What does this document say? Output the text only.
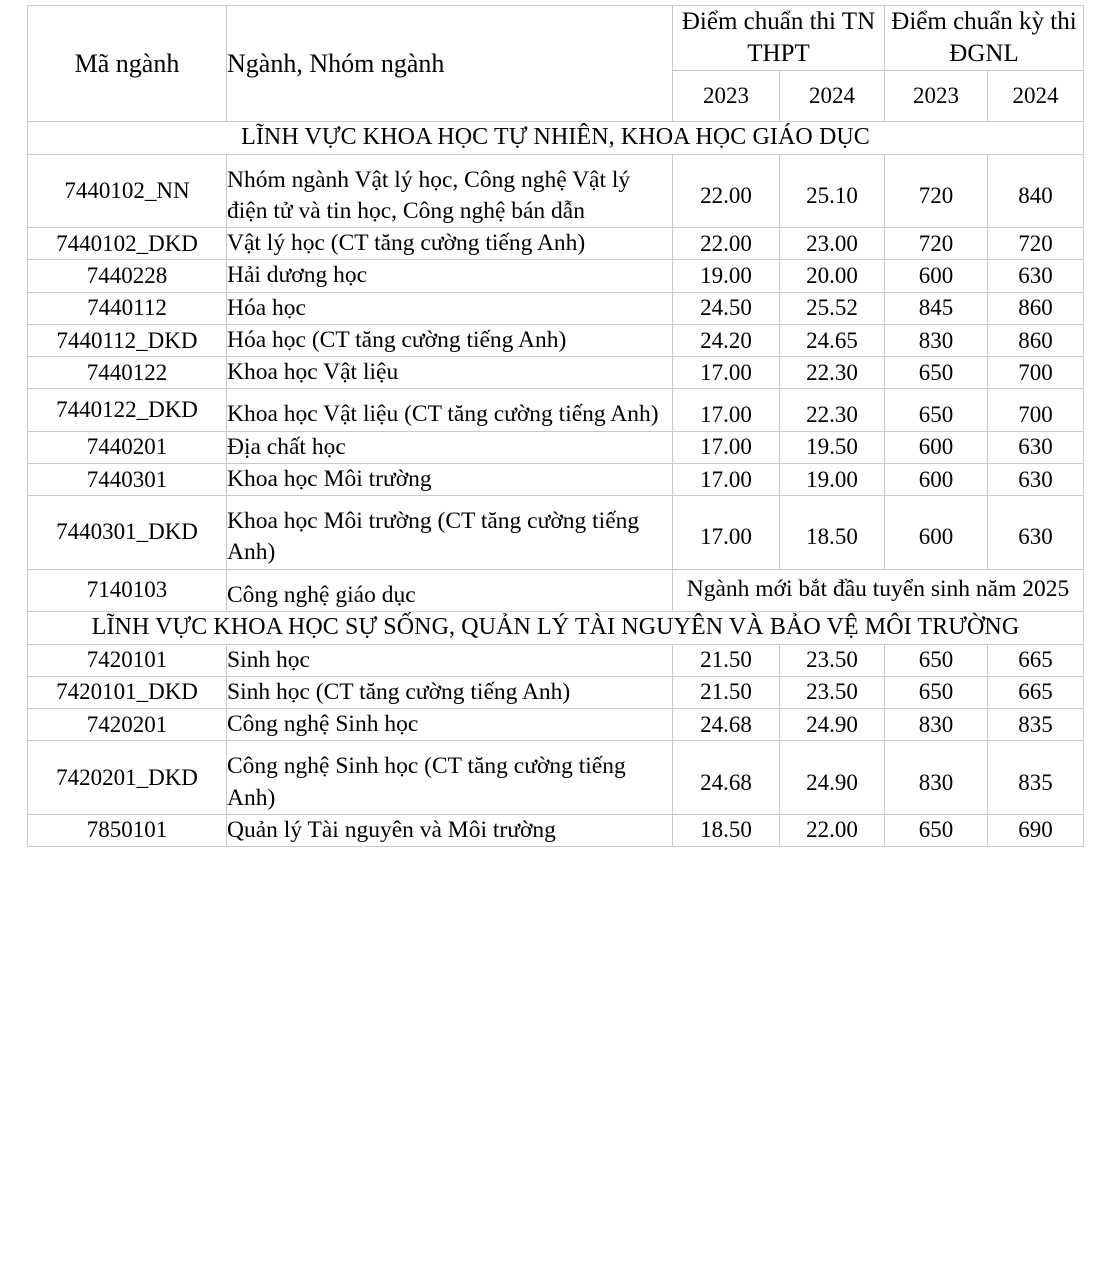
Mã ngành	Ngành, Nhóm ngành	Điểm chuẩn thi TN THPT		Điểm chuẩn kỳ thi ĐGNL	
		2023	2024	2023	2024
LĨNH VỰC KHOA HỌC TỰ NHIÊN, KHOA HỌC GIÁO DỤC					
7440102_NN	Nhóm ngành Vật lý học, Công nghệ Vật lý điện tử và tin học, Công nghệ bán dẫn	22.00	25.10	720	840
7440102_DKD	Vật lý học (CT tăng cường tiếng Anh)	22.00	23.00	720	720
7440228	Hải dương học	19.00	20.00	600	630
7440112	Hóa học	24.50	25.52	845	860
7440112_DKD	Hóa học (CT tăng cường tiếng Anh)	24.20	24.65	830	860
7440122	Khoa học Vật liệu	17.00	22.30	650	700
7440122_DKD	Khoa học Vật liệu (CT tăng cường tiếng Anh)	17.00	22.30	650	700
7440201	Địa chất học	17.00	19.50	600	630
7440301	Khoa học Môi trường	17.00	19.00	600	630
7440301_DKD	Khoa học Môi trường (CT tăng cường tiếng Anh)	17.00	18.50	600	630
7140103	Công nghệ giáo dục	Ngành mới bắt đầu tuyển sinh năm 2025			
LĨNH VỰC KHOA HỌC SỰ SỐNG, QUẢN LÝ TÀI NGUYÊN VÀ BẢO VỆ MÔI TRƯỜNG					
7420101	Sinh học	21.50	23.50	650	665
7420101_DKD	Sinh học (CT tăng cường tiếng Anh)	21.50	23.50	650	665
7420201	Công nghệ Sinh học	24.68	24.90	830	835
7420201_DKD	Công nghệ Sinh học (CT tăng cường tiếng Anh)	24.68	24.90	830	835
7850101	Quản lý Tài nguyên và Môi trường	18.50	22.00	650	690
